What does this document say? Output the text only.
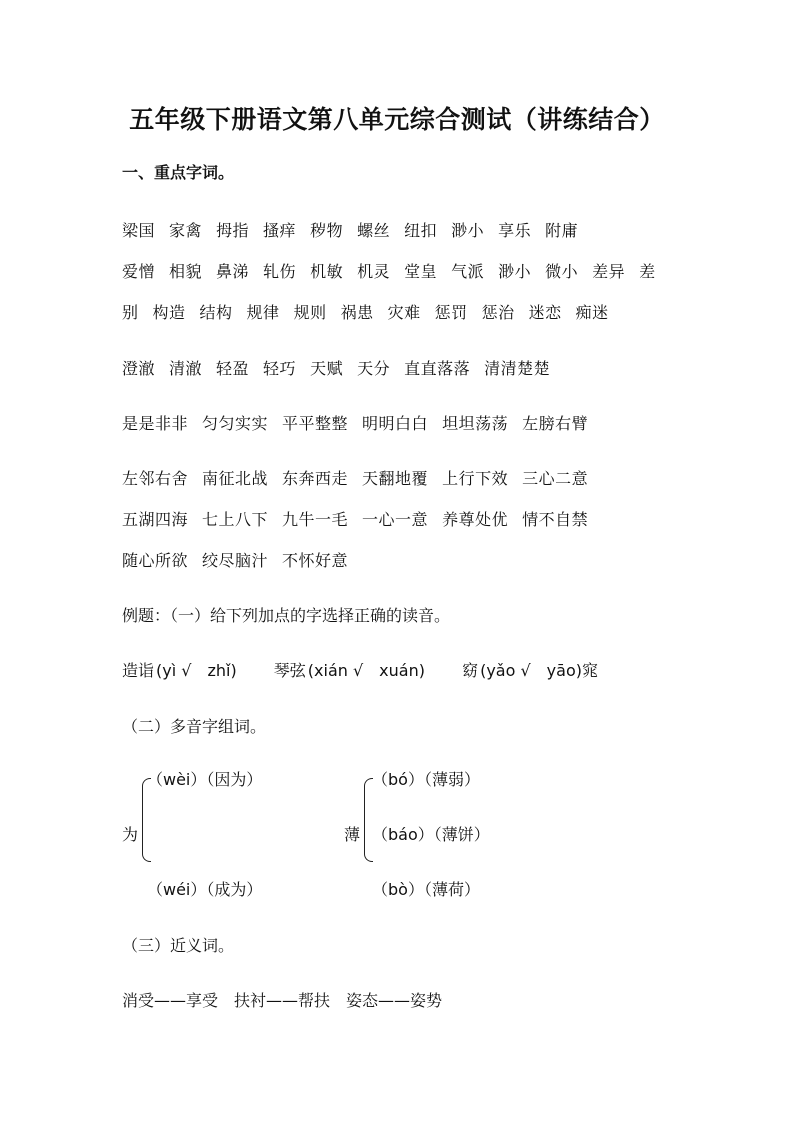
五年级下册语文第八单元综合测试（讲练结合）
一、重点字词。
梁国 家禽 拇指 搔痒 秽物 螺丝 纽扣 渺小 享乐 附庸
爱憎 相貌 鼻涕 轧伤 机敏 机灵 堂皇 气派 渺小 微小 差异 差
别 构造 结构 规律 规则 祸患 灾难 惩罚 惩治 迷恋 痴迷
澄澈 清澈 轻盈 轻巧 天赋 天分 直直落落 清清楚楚
是是非非 匀匀实实 平平整整 明明白白 坦坦荡荡 左膀右臂
左邻右舍 南征北战 东奔西走 天翻地覆 上行下效 三心二意
五湖四海 七上八下 九牛一毛 一心一意 养尊处优 情不自禁
随心所欲 绞尽脑汁 不怀好意
例题：（一）给下列加点的字选择正确的读音。
造诣 (yì √　zhǐ) 琴弦 (xián √　xuán) 窈 (yǎo √　yāo)窕
（二）多音字组词。
为
（wèi）（因为）
（wéi）（成为）
薄
（bó）（薄弱）
（báo）（薄饼）
（bò）（薄荷）
（三）近义词。
消受——享受　扶衬——帮扶　姿态——姿势
